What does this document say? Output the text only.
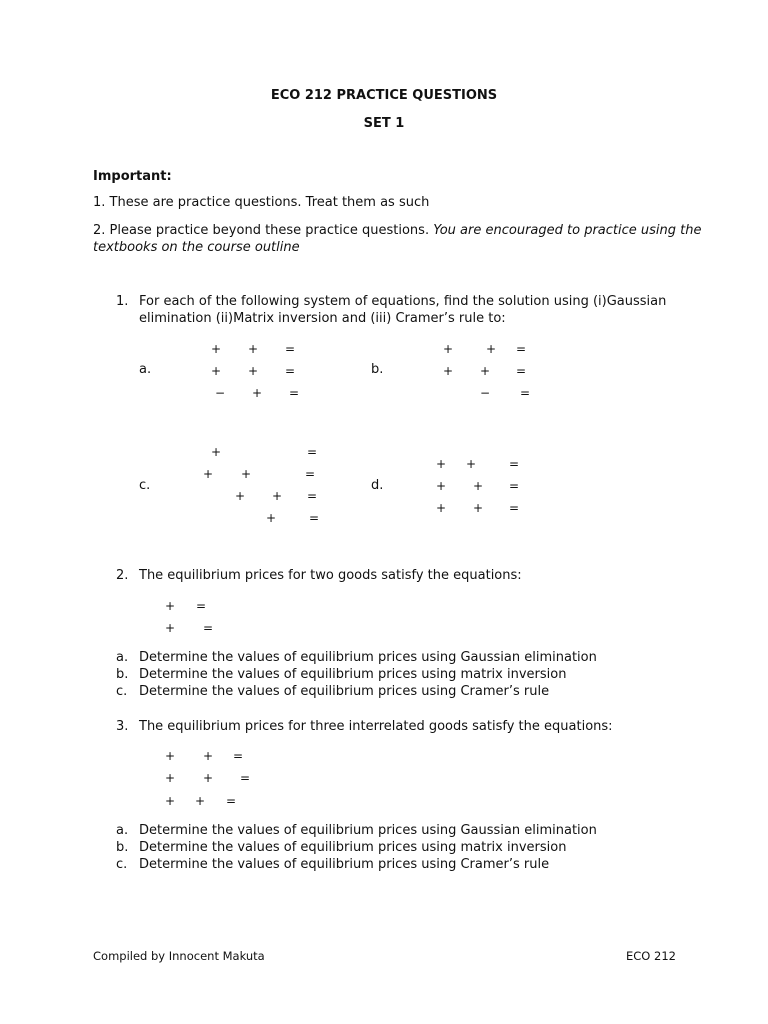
ECO 212 PRACTICE QUESTIONS
SET 1
Important:
1. These are practice questions. Treat them as such
2. Please practice beyond these practice questions. You are encouraged to practice using the
textbooks on the course outline
1. For each of the following system of equations, find the solution using (i)Gaussian
elimination (ii)Matrix inversion and (iii) Cramer’s rule to:
a.
+ + =
+ + =
− + =
b.
+	+ =
+ + =
− =
c.
+	=
+ +	=
+ + =
+	=
d.
+ +	=
+ + =
+ + =
2. The equilibrium prices for two goods satisfy the equations:
+ =
+ =
a. Determine the values of equilibrium prices using Gaussian elimination
b. Determine the values of equilibrium prices using matrix inversion
c. Determine the values of equilibrium prices using Cramer’s rule
3. The equilibrium prices for three interrelated goods satisfy the equations:
+ + =
+ + =
+ + =
a. Determine the values of equilibrium prices using Gaussian elimination
b. Determine the values of equilibrium prices using matrix inversion
c. Determine the values of equilibrium prices using Cramer’s rule
Compiled by Innocent Makuta	ECO 212
